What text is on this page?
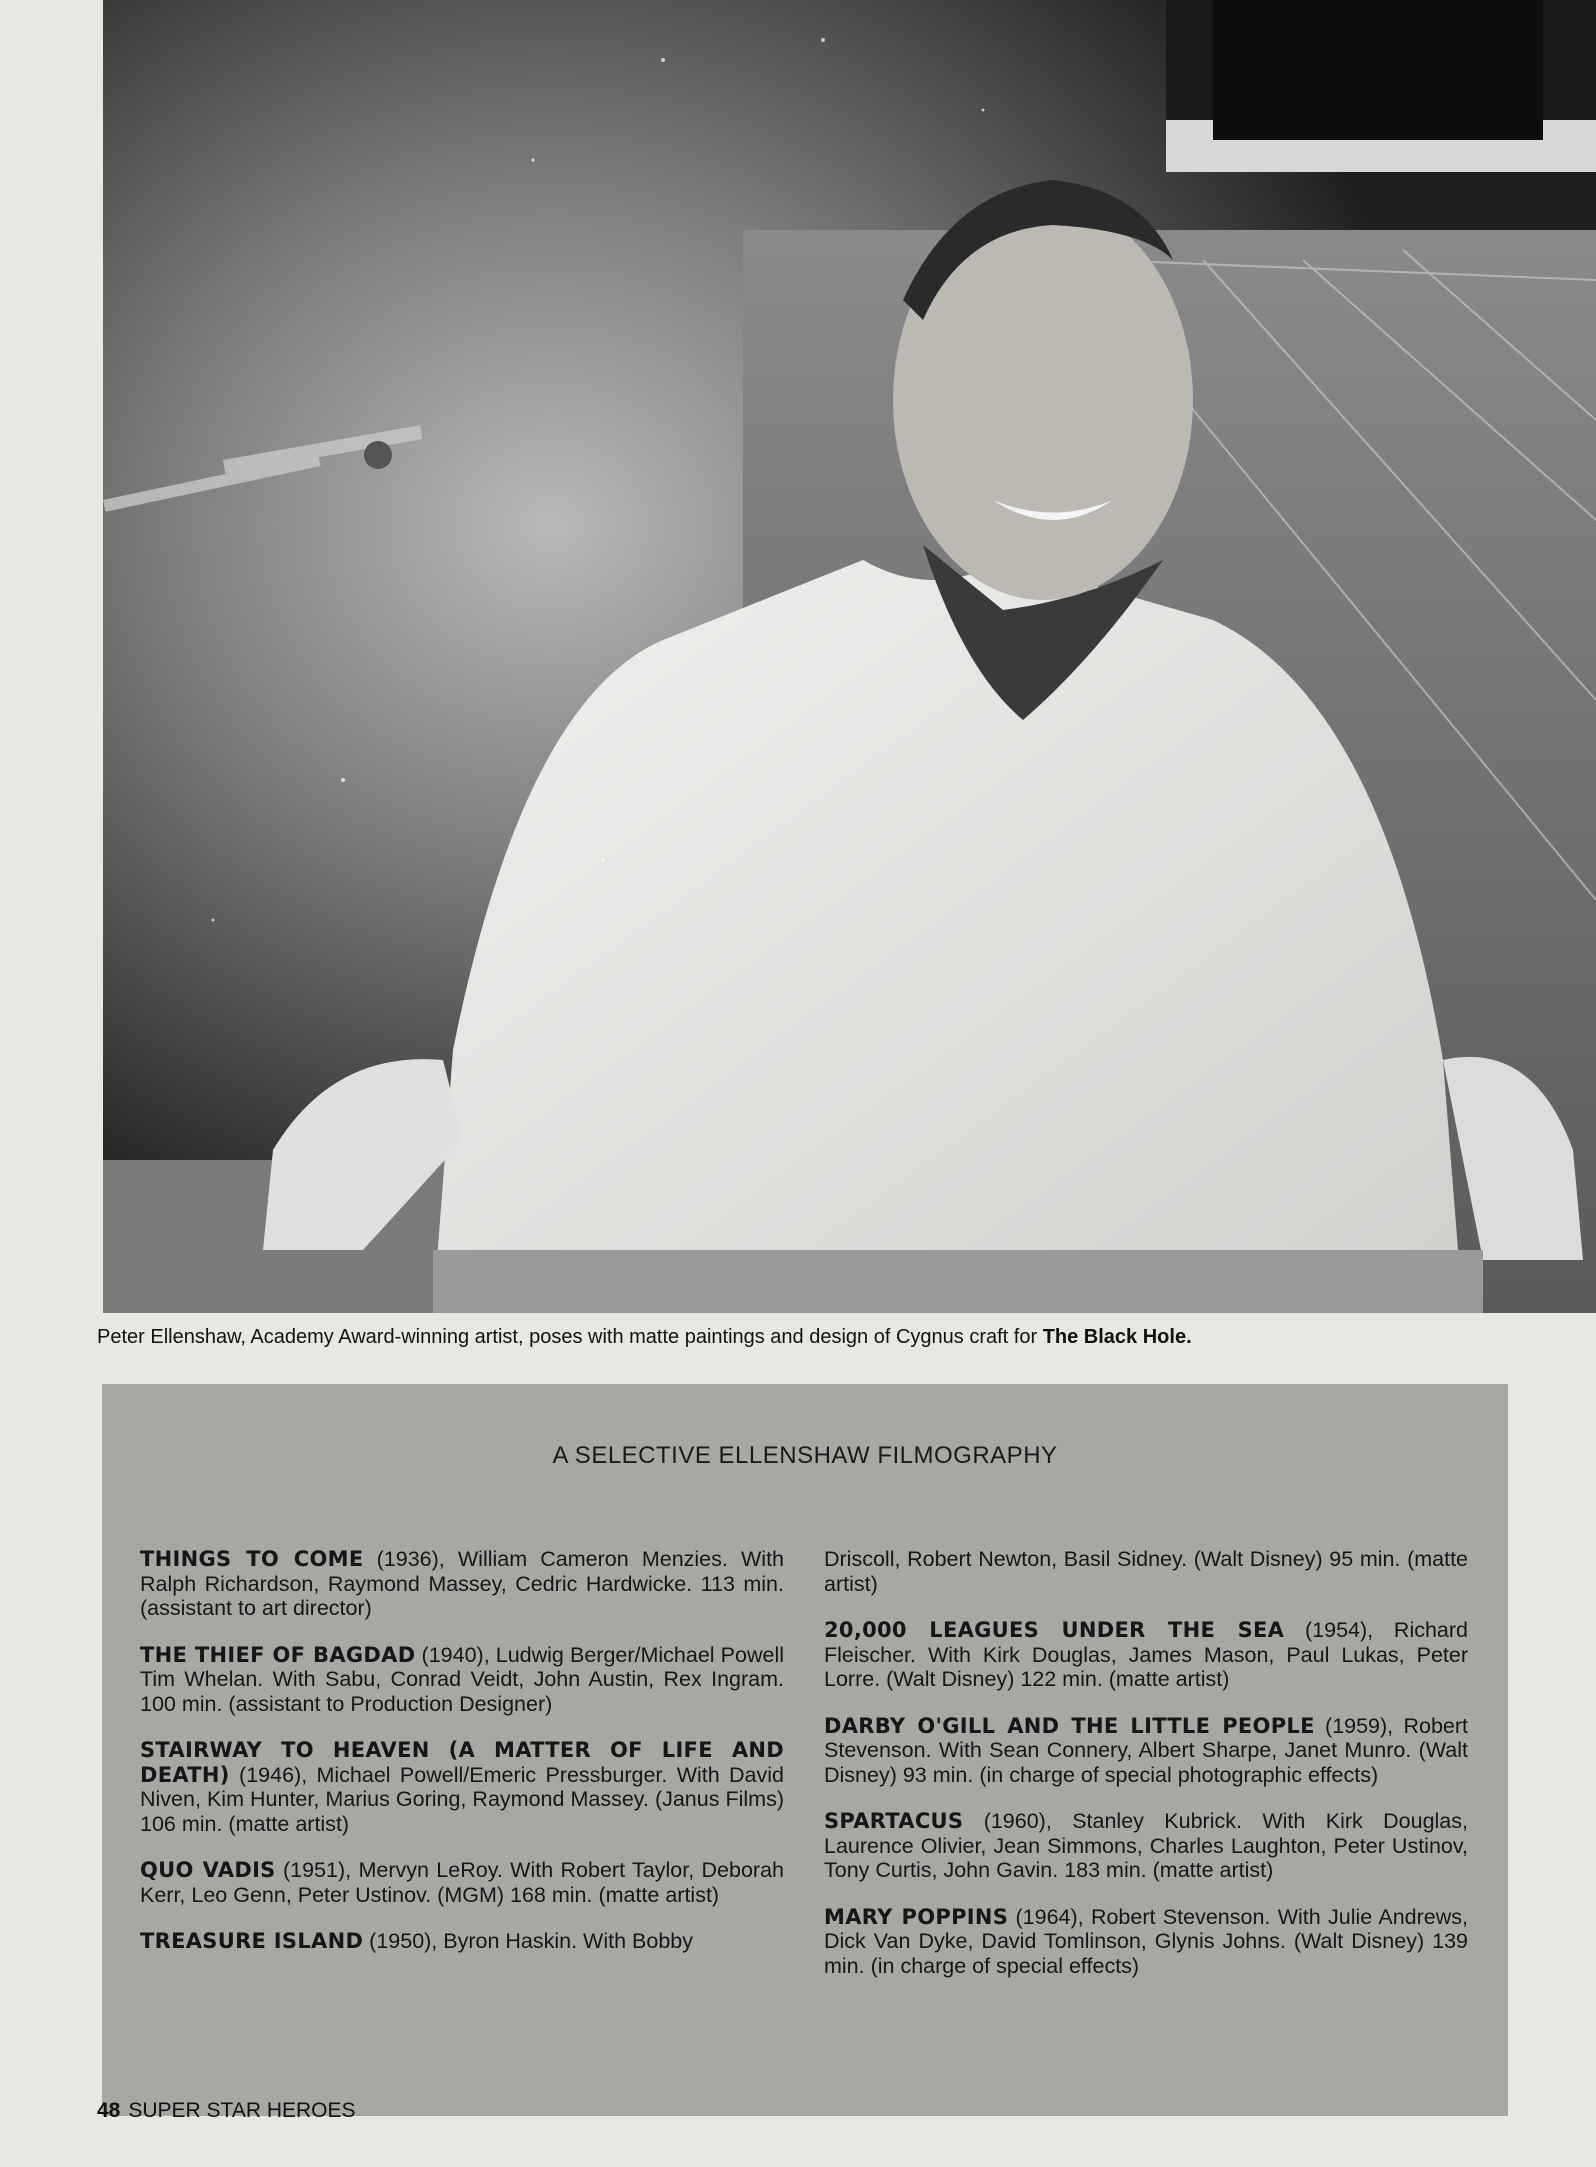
Peter Ellenshaw, Academy Award-winning artist, poses with matte paintings and design of Cygnus craft for The Black Hole.
A SELECTIVE ELLENSHAW FILMOGRAPHY
THINGS TO COME (1936), William Cameron Menzies. With Ralph Richardson, Raymond Massey, Cedric Hardwicke. 113 min. (assistant to art director)
THE THIEF OF BAGDAD (1940), Ludwig Berger/Michael Powell Tim Whelan. With Sabu, Conrad Veidt, John Austin, Rex Ingram. 100 min. (assistant to Production Designer)
STAIRWAY TO HEAVEN (A MATTER OF LIFE AND DEATH) (1946), Michael Powell/Emeric Pressburger. With David Niven, Kim Hunter, Marius Goring, Raymond Massey. (Janus Films) 106 min. (matte artist)
QUO VADIS (1951), Mervyn LeRoy. With Robert Taylor, Deborah Kerr, Leo Genn, Peter Ustinov. (MGM) 168 min. (matte artist)
TREASURE ISLAND (1950), Byron Haskin. With Bobby
Driscoll, Robert Newton, Basil Sidney. (Walt Disney) 95 min. (matte artist)
20,000 LEAGUES UNDER THE SEA (1954), Richard Fleischer. With Kirk Douglas, James Mason, Paul Lukas, Peter Lorre. (Walt Disney) 122 min. (matte artist)
DARBY O'GILL AND THE LITTLE PEOPLE (1959), Robert Stevenson. With Sean Connery, Albert Sharpe, Janet Munro. (Walt Disney) 93 min. (in charge of special photographic effects)
SPARTACUS (1960), Stanley Kubrick. With Kirk Douglas, Laurence Olivier, Jean Simmons, Charles Laughton, Peter Ustinov, Tony Curtis, John Gavin. 183 min. (matte artist)
MARY POPPINS (1964), Robert Stevenson. With Julie Andrews, Dick Van Dyke, David Tomlinson, Glynis Johns. (Walt Disney) 139 min. (in charge of special effects)
48 SUPER STAR HEROES
